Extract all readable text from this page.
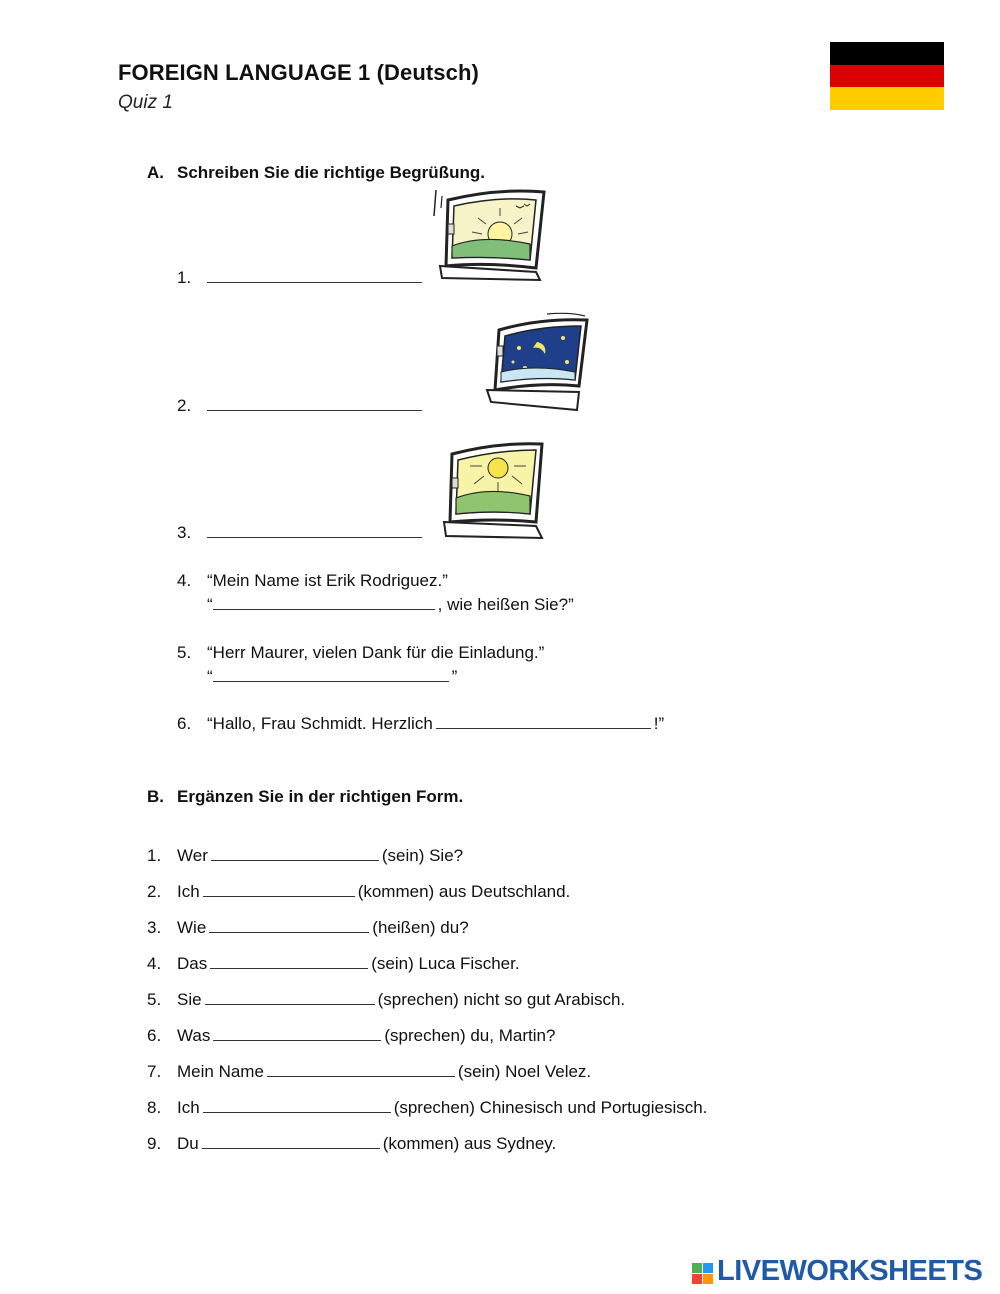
FOREIGN LANGUAGE 1 (Deutsch)
Quiz 1
A. Schreiben Sie die richtige Begrüßung.
1.
2.
3.
4. “Mein Name ist Erik Rodriguez.”
“	, wie heißen Sie?”
5. “Herr Maurer, vielen Dank für die Einladung.”
“	”
6. “Hallo, Frau Schmidt. Herzlich	!”
B. Ergänzen Sie in der richtigen Form.
1. Wer	(sein) Sie?
2. Ich	(kommen) aus Deutschland.
3. Wie	(heißen) du?
4. Das	(sein) Luca Fischer.
5. Sie	(sprechen) nicht so gut Arabisch.
6. Was	(sprechen) du, Martin?
7. Mein Name	(sein) Noel Velez.
8. Ich	(sprechen) Chinesisch und Portugiesisch.
9. Du	(kommen) aus Sydney.
LIVEWORKSHEETS
